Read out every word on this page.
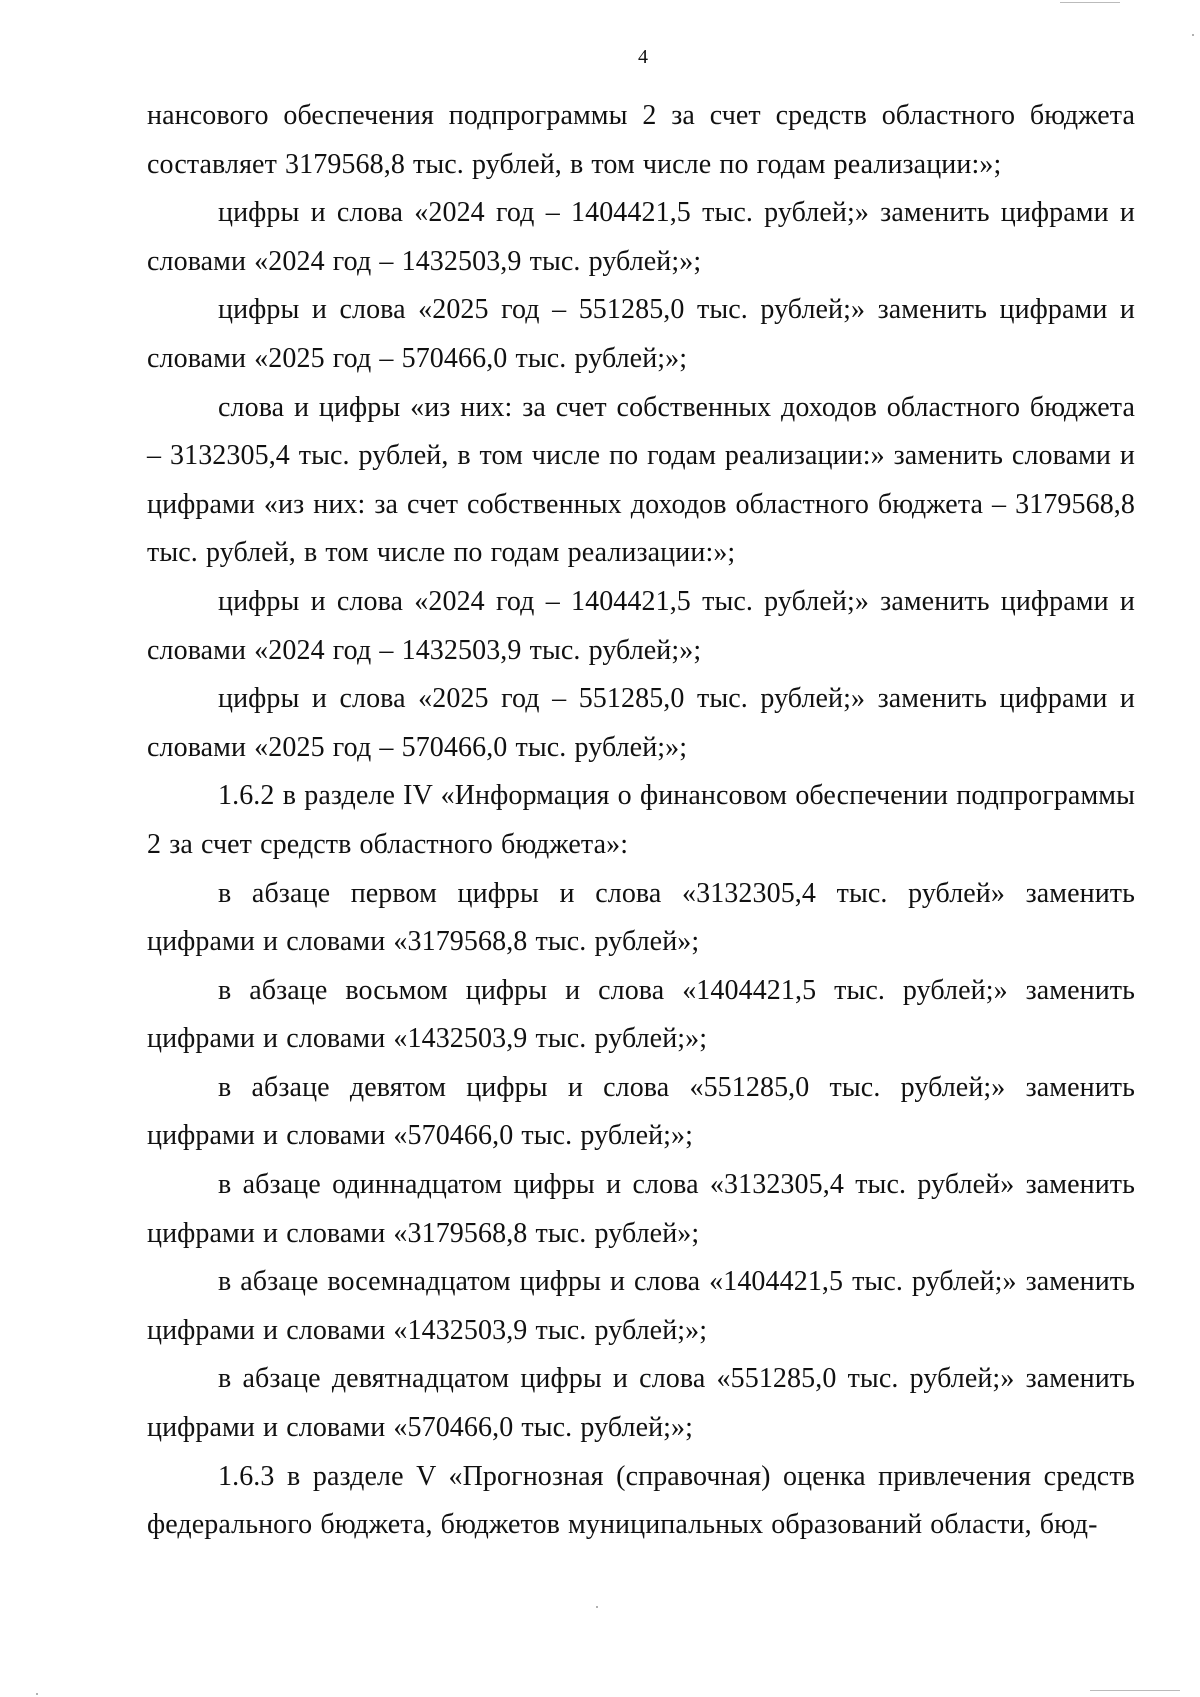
4

нансового обеспечения подпрограммы 2 за счет средств областного бюджета составляет 3179568,8 тыс. рублей, в том числе по годам реализации:»;

цифры и слова «2024 год – 1404421,5 тыс. рублей;» заменить цифрами и словами «2024 год – 1432503,9 тыс. рублей;»;

цифры и слова «2025 год – 551285,0 тыс. рублей;» заменить цифрами и словами «2025 год – 570466,0 тыс. рублей;»;

слова и цифры «из них: за счет собственных доходов областного бюджета – 3132305,4 тыс. рублей, в том числе по годам реализации:» заменить словами и цифрами «из них: за счет собственных доходов областного бюджета – 3179568,8 тыс. рублей, в том числе по годам реализации:»;

цифры и слова «2024 год – 1404421,5 тыс. рублей;» заменить цифрами и словами «2024 год – 1432503,9 тыс. рублей;»;

цифры и слова «2025 год – 551285,0 тыс. рублей;» заменить цифрами и словами «2025 год – 570466,0 тыс. рублей;»;

1.6.2 в разделе IV «Информация о финансовом обеспечении подпрограммы 2 за счет средств областного бюджета»:

в абзаце первом цифры и слова «3132305,4 тыс. рублей» заменить цифрами и словами «3179568,8 тыс. рублей»;

в абзаце восьмом цифры и слова «1404421,5 тыс. рублей;» заменить цифрами и словами «1432503,9 тыс. рублей;»;

в абзаце девятом цифры и слова «551285,0 тыс. рублей;» заменить цифрами и словами «570466,0 тыс. рублей;»;

в абзаце одиннадцатом цифры и слова «3132305,4 тыс. рублей» заменить цифрами и словами «3179568,8 тыс. рублей»;

в абзаце восемнадцатом цифры и слова «1404421,5 тыс. рублей;» заменить цифрами и словами «1432503,9 тыс. рублей;»;

в абзаце девятнадцатом цифры и слова «551285,0 тыс. рублей;» заменить цифрами и словами «570466,0 тыс. рублей;»;

1.6.3 в разделе V «Прогнозная (справочная) оценка привлечения средств федерального бюджета, бюджетов муниципальных образований области, бюд-
